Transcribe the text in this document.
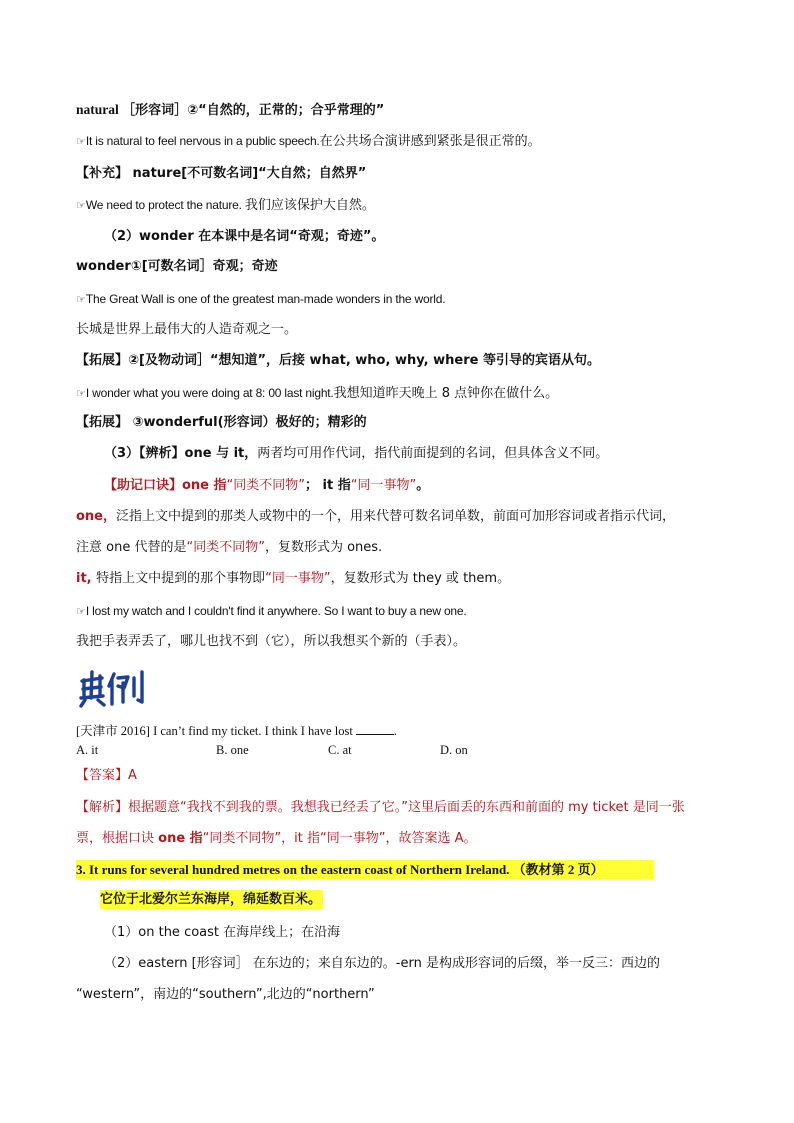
natural ［形容词］②“自然的，正常的；合乎常理的”
☞It is natural to feel nervous in a public speech.在公共场合演讲感到紧张是很正常的。
【补充】 nature[不可数名词]“大自然；自然界”
☞We need to protect the nature. 我们应该保护大自然。
（2）wonder 在本课中是名词“奇观；奇迹”。
wonder①[可数名词］奇观；奇迹
☞The Great Wall is one of the greatest man-made wonders in the world.
长城是世界上最伟大的人造奇观之一。
【拓展】②[及物动词］“想知道”，后接 what, who, why, where 等引导的宾语从句。
☞I wonder what you were doing at 8: 00 last night.我想知道昨天晚上 8 点钟你在做什么。
【拓展】 ③wonderful(形容词）极好的；精彩的
（3）【辨析】one 与 it，两者均可用作代词，指代前面提到的名词，但具体含义不同。
【助记口诀】one 指“同类不同物”； it 指“同一事物”。
one，泛指上文中提到的那类人或物中的一个，用来代替可数名词单数，前面可加形容词或者指示代词，
注意 one 代替的是“同类不同物”，复数形式为 ones.
it, 特指上文中提到的那个事物即“同一事物”，复数形式为 they 或 them。
☞I lost my watch and I couldn't find it anywhere. So I want to buy a new one.
我把手表弄丢了，哪儿也找不到（它），所以我想买个新的（手表）。
[天津市 2016] I can’t find my ticket. I think I have lost	.
A. it	B. one	C. at	D. on
【答案】A
【解析】根据题意“我找不到我的票。我想我已经丢了它。”这里后面丢的东西和前面的 my ticket 是同一张
票，根据口诀 one 指“同类不同物”，it 指“同一事物”，故答案选 A。
3. It runs for several hundred metres on the eastern coast of Northern Ireland. （教材第 2 页）
它位于北爱尔兰东海岸，绵延数百米。
（1）on the coast 在海岸线上；在沿海
（2）eastern [形容词］ 在东边的；来自东边的。-ern 是构成形容词的后缀，举一反三：西边的
“western”，南边的“southern”,北边的“northern”
